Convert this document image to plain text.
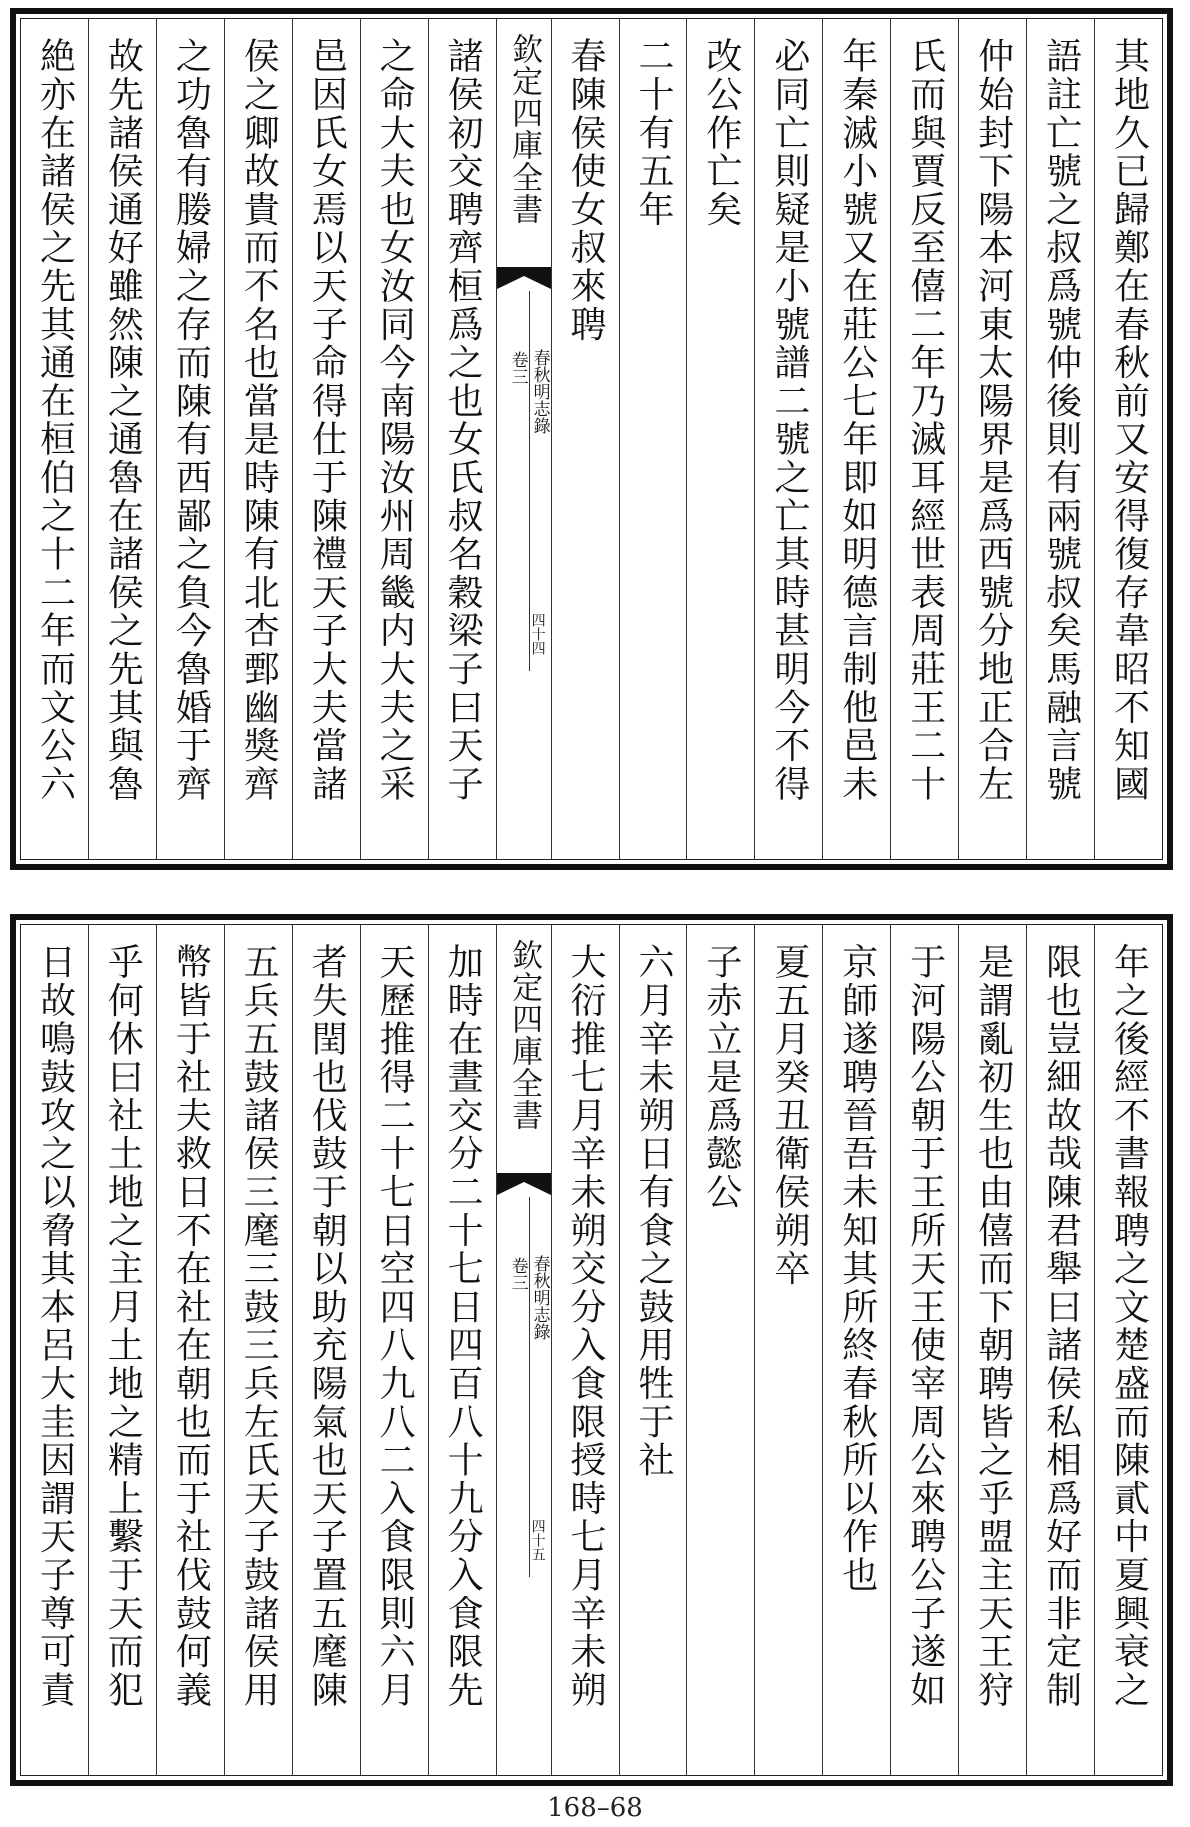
其地久已歸鄭在春秋前又安得復存韋昭不知國
語註亡號之叔爲號仲後則有兩號叔矣馬融言號
仲始封下陽本河東太陽界是爲西號分地正合左
氏而與賈反至僖二年乃滅耳經世表周莊王二十
年秦滅小號又在莊公七年即如明德言制他邑未
必同亡則疑是小號譜二號之亡其時甚明今不得
改公作亡矣
二十有五年
春陳侯使女叔來聘
欽定四庫全書
春秋明志錄
卷三
四十四
諸侯初交聘齊桓爲之也女氏叔名穀梁子曰天子
之命大夫也女汝同今南陽汝州周畿内大夫之采
邑因氏女焉以天子命得仕于陳禮天子大夫當諸
侯之卿故貴而不名也當是時陳有北杏鄄幽獎齊
之功魯有媵婦之存而陳有西鄙之負今魯婚于齊
故先諸侯通好雖然陳之通魯在諸侯之先其與魯
絶亦在諸侯之先其通在桓伯之十二年而文公六
年之後經不書報聘之文楚盛而陳貳中夏興衰之
限也豈細故哉陳君舉曰諸侯私相爲好而非定制
是謂亂初生也由僖而下朝聘皆之乎盟主天王狩
于河陽公朝于王所天王使宰周公來聘公子遂如
京師遂聘晉吾未知其所終春秋所以作也
夏五月癸丑衛侯朔卒
子赤立是爲懿公
六月辛未朔日有食之鼓用牲于社
大衍推七月辛未朔交分入食限授時七月辛未朔
欽定四庫全書
春秋明志錄
卷三
四十五
加時在晝交分二十七日四百八十九分入食限先
天歷推得二十七日空四八九八二入食限則六月
者失閏也伐鼓于朝以助充陽氣也天子置五麾陳
五兵五鼓諸侯三麾三鼓三兵左氏天子鼓諸侯用
幣皆于社夫救日不在社在朝也而于社伐鼓何義
乎何休曰社土地之主月土地之精上繫于天而犯
日故鳴鼓攻之以脅其本呂大圭因謂天子尊可責
168–68
